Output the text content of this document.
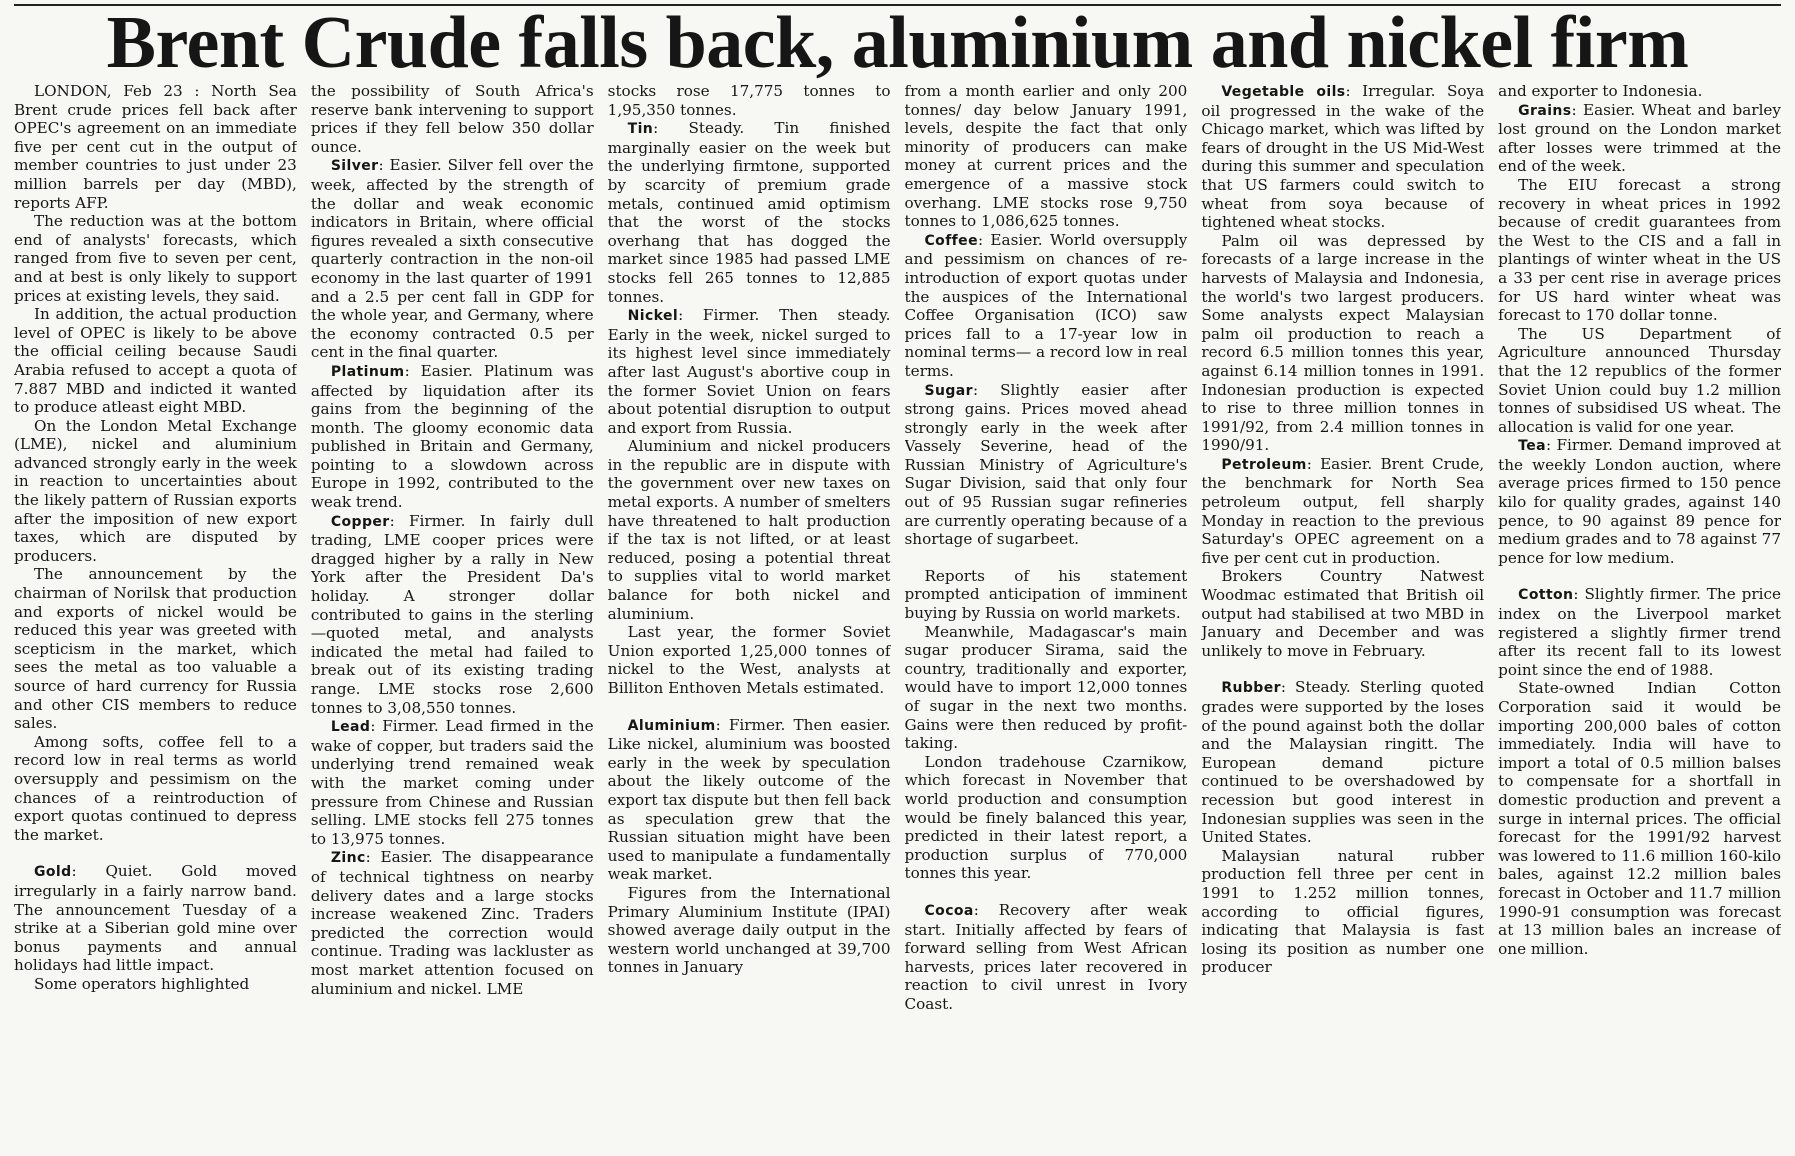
Brent Crude falls back, aluminium and nickel firm

LONDON, Feb 23 : North Sea Brent crude prices fell back after OPEC's agreement on an immediate five per cent cut in the output of member countries to just under 23 million barrels per day (MBD), reports AFP.

The reduction was at the bottom end of analysts' forecasts, which ranged from five to seven per cent, and at best is only likely to support prices at existing levels, they said.

In addition, the actual production level of OPEC is likely to be above the official ceiling because Saudi Arabia refused to accept a quota of 7.887 MBD and indicted it wanted to produce atleast eight MBD.

On the London Metal Exchange (LME), nickel and aluminium advanced strongly early in the week in reaction to uncertainties about the likely pattern of Russian exports after the imposition of new export taxes, which are disputed by producers.

The announcement by the chairman of Norilsk that production and exports of nickel would be reduced this year was greeted with scepticism in the market, which sees the metal as too valuable a source of hard currency for Russia and other CIS members to reduce sales.

Among softs, coffee fell to a record low in real terms as world oversupply and pessimism on the chances of a reintroduction of export quotas continued to depress the market.

Gold: Quiet. Gold moved irregularly in a fairly narrow band. The announcement Tuesday of a strike at a Siberian gold mine over bonus payments and annual holidays had little impact.

Some operators highlighted

the possibility of South Africa's reserve bank intervening to support prices if they fell below 350 dollar ounce.

Silver: Easier. Silver fell over the week, affected by the strength of the dollar and weak economic indicators in Britain, where official figures revealed a sixth consecutive quarterly contraction in the non-oil economy in the last quarter of 1991 and a 2.5 per cent fall in GDP for the whole year, and Germany, where the economy contracted 0.5 per cent in the final quarter.

Platinum: Easier. Platinum was affected by liquidation after its gains from the beginning of the month. The gloomy economic data published in Britain and Germany, pointing to a slowdown across Europe in 1992, contributed to the weak trend.

Copper: Firmer. In fairly dull trading, LME cooper prices were dragged higher by a rally in New York after the President Da's holiday. A stronger dollar contributed to gains in the sterling—quoted metal, and analysts indicated the metal had failed to break out of its existing trading range. LME stocks rose 2,600 tonnes to 3,08,550 tonnes.

Lead: Firmer. Lead firmed in the wake of copper, but traders said the underlying trend remained weak with the market coming under pressure from Chinese and Russian selling. LME stocks fell 275 tonnes to 13,975 tonnes.

Zinc: Easier. The disappearance of technical tightness on nearby delivery dates and a large stocks increase weakened Zinc. Traders predicted the correction would continue. Trading was lackluster as most market attention focused on aluminium and nickel. LME

stocks rose 17,775 tonnes to 1,95,350 tonnes.

Tin: Steady. Tin finished marginally easier on the week but the underlying firmtone, supported by scarcity of premium grade metals, continued amid optimism that the worst of the stocks overhang that has dogged the market since 1985 had passed LME stocks fell 265 tonnes to 12,885 tonnes.

Nickel: Firmer. Then steady. Early in the week, nickel surged to its highest level since immediately after last August's abortive coup in the former Soviet Union on fears about potential disruption to output and export from Russia.

Aluminium and nickel producers in the republic are in dispute with the government over new taxes on metal exports. A number of smelters have threatened to halt production if the tax is not lifted, or at least reduced, posing a potential threat to supplies vital to world market balance for both nickel and aluminium.

Last year, the former Soviet Union exported 1,25,000 tonnes of nickel to the West, analysts at Billiton Enthoven Metals estimated.

Aluminium: Firmer. Then easier. Like nickel, aluminium was boosted early in the week by speculation about the likely outcome of the export tax dispute but then fell back as speculation grew that the Russian situation might have been used to manipulate a fundamentally weak market.

Figures from the International Primary Aluminium Institute (IPAI) showed average daily output in the western world unchanged at 39,700 tonnes in January

from a month earlier and only 200 tonnes/ day below January 1991, levels, despite the fact that only minority of producers can make money at current prices and the emergence of a massive stock overhang. LME stocks rose 9,750 tonnes to 1,086,625 tonnes.

Coffee: Easier. World oversupply and pessimism on chances of re-introduction of export quotas under the auspices of the International Coffee Organisation (ICO) saw prices fall to a 17-year low in nominal terms— a record low in real terms.

Sugar: Slightly easier after strong gains. Prices moved ahead strongly early in the week after Vassely Severine, head of the Russian Ministry of Agriculture's Sugar Division, said that only four out of 95 Russian sugar refineries are currently operating because of a shortage of sugarbeet.

Reports of his statement prompted anticipation of imminent buying by Russia on world markets.

Meanwhile, Madagascar's main sugar producer Sirama, said the country, traditionally and exporter, would have to import 12,000 tonnes of sugar in the next two months. Gains were then reduced by profit-taking.

London tradehouse Czarnikow, which forecast in November that world production and consumption would be finely balanced this year, predicted in their latest report, a production surplus of 770,000 tonnes this year.

Cocoa: Recovery after weak start. Initially affected by fears of forward selling from West African harvests, prices later recovered in reaction to civil unrest in Ivory Coast.

Vegetable oils: Irregular. Soya oil progressed in the wake of the Chicago market, which was lifted by fears of drought in the US Mid-West during this summer and speculation that US farmers could switch to wheat from soya because of tightened wheat stocks.

Palm oil was depressed by forecasts of a large increase in the harvests of Malaysia and Indonesia, the world's two largest producers. Some analysts expect Malaysian palm oil production to reach a record 6.5 million tonnes this year, against 6.14 million tonnes in 1991. Indonesian production is expected to rise to three million tonnes in 1991/92, from 2.4 million tonnes in 1990/91.

Petroleum: Easier. Brent Crude, the benchmark for North Sea petroleum output, fell sharply Monday in reaction to the previous Saturday's OPEC agreement on a five per cent cut in production.

Brokers Country Natwest Woodmac estimated that British oil output had stabilised at two MBD in January and December and was unlikely to move in February.

Rubber: Steady. Sterling quoted grades were supported by the loses of the pound against both the dollar and the Malaysian ringitt. The European demand picture continued to be overshadowed by recession but good interest in Indonesian supplies was seen in the United States.

Malaysian natural rubber production fell three per cent in 1991 to 1.252 million tonnes, according to official figures, indicating that Malaysia is fast losing its position as number one producer

and exporter to Indonesia.

Grains: Easier. Wheat and barley lost ground on the London market after losses were trimmed at the end of the week.

The EIU forecast a strong recovery in wheat prices in 1992 because of credit guarantees from the West to the CIS and a fall in plantings of winter wheat in the US a 33 per cent rise in average prices for US hard winter wheat was forecast to 170 dollar tonne.

The US Department of Agriculture announced Thursday that the 12 republics of the former Soviet Union could buy 1.2 million tonnes of subsidised US wheat. The allocation is valid for one year.

Tea: Firmer. Demand improved at the weekly London auction, where average prices firmed to 150 pence kilo for quality grades, against 140 pence, to 90 against 89 pence for medium grades and to 78 against 77 pence for low medium.

Cotton: Slightly firmer. The price index on the Liverpool market registered a slightly firmer trend after its recent fall to its lowest point since the end of 1988.

State-owned Indian Cotton Corporation said it would be importing 200,000 bales of cotton immediately. India will have to import a total of 0.5 million balses to compensate for a shortfall in domestic production and prevent a surge in internal prices. The official forecast for the 1991/92 harvest was lowered to 11.6 million 160-kilo bales, against 12.2 million bales forecast in October and 11.7 million 1990-91 consumption was forecast at 13 million bales an increase of one million.
